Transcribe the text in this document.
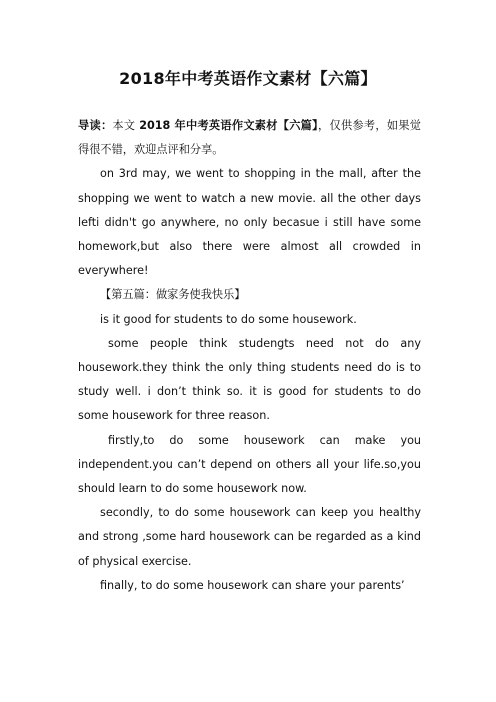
2018年中考英语作文素材【六篇】

导读：本文 2018 年中考英语作文素材【六篇】，仅供参考，如果觉得很不错，欢迎点评和分享。

on 3rd may, we went to shopping in the mall, after the shopping we went to watch a new movie. all the other days lefti didn't go anywhere, no only becasue i still have some homework,but also there were almost all crowded in everywhere!

【第五篇：做家务使我快乐】

is it good for students to do some housework.

some people think studengts need not do any housework.they think the only thing students need do is to study well. i don’t think so. it is good for students to do some housework for three reason.

firstly,to do some housework can make you independent.you can’t depend on others all your life.so,you should learn to do some housework now.

secondly, to do some housework can keep you healthy and strong ,some hard housework can be regarded as a kind of physical exercise.

finally, to do some housework can share your parents’
